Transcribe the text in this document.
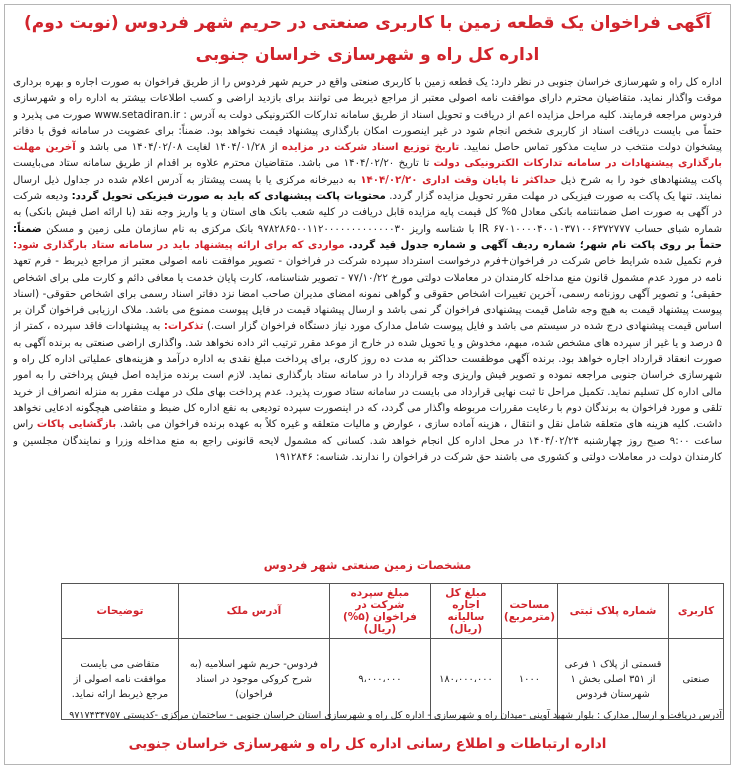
آگهی فراخوان یک قطعه زمین با کاربری صنعتی در حریم شهر فردوس (نوبت دوم)
اداره کل راه و شهرسازی خراسان جنوبی
اداره کل راه و شهرسازی خراسان جنوبی در نظر دارد: یک قطعه زمین با کاربری صنعتی واقع در حریم شهر فردوس را از طریق فراخوان به صورت اجاره و بهره برداری موقت واگذار نماید. متقاضیان محترم دارای موافقت نامه اصولی معتبر از مراجع ذیربط می توانند برای بازدید اراضی و کسب اطلاعات بیشتر به اداره راه و شهرسازی فردوس مراجعه فرمایند. کلیه مراحل مزایده اعم از دریافت و تحویل اسناد از طریق سامانه تدارکات الکترونیکی دولت به آدرس : www.setadiran.ir صورت می پذیرد و حتماً می بایست دریافت اسناد از کاربری شخص انجام شود در غیر اینصورت امکان بارگذاری پیشنهاد قیمت نخواهد بود. ضمناً: برای عضویت در سامانه فوق با دفاتر پیشخوان دولت منتخب در سایت مذکور تماس حاصل نمایید. تاریخ توزیع اسناد شرکت در مزایده از ۱۴۰۴/۰۱/۲۸ لغایت ۱۴۰۴/۰۲/۰۸ می باشد و آخرین مهلت بارگذاری پیشنهادات در سامانه تدارکات الکترونیکی دولت تا تاریخ ۱۴۰۴/۰۲/۲۰ می باشد. متقاضیان محترم علاوه بر اقدام از طریق سامانه ستاد می‌بایست پاکت پیشنهادهای خود را به شرح ذیل حداکثر تا پایان وقت اداری ۱۴۰۴/۰۲/۲۰ به دبیرخانه مرکزی یا با پست پیشتاز به آدرس اعلام شده در جداول ذیل ارسال نمایند. تنها یک پاکت به صورت فیزیکی در مهلت مقرر تحویل مزایده گزار گردد. محتویات پاکت پیشنهادی که باید به صورت فیزیکی تحویل گردد: ودیعه شرکت در آگهی به صورت اصل ضمانتنامه بانکی معادل ۵% کل قیمت پایه مزایده قابل دریافت در کلیه شعب بانک های استان و یا واریز وجه نقد (با ارائه اصل فیش بانکی) به شماره شبای حساب IR ۶۷۰۱۰۰۰۰۴۰۰۱۰۳۷۱۰۰۶۳۷۲۷۷۷ با شناسه واریز ۹۷۸۲۸۶۵۰۰۱۱۲۰۰۰۰۰۰۰۰۰۰۰۰۰۳۰ بانک مرکزی به نام سازمان ملی زمین و مسکن ضمناً: حتماً بر روی پاکت نام شهر؛ شماره ردیف آگهی و شماره جدول قید گردد. مواردی که برای ارائه پیشنهاد باید در سامانه ستاد بارگذاری شود: فرم تکمیل شده شرایط خاص شرکت در فراخوان+فرم درخواست استرداد سپرده شرکت در فراخوان - تصویر موافقت نامه اصولی معتبر از مراجع ذیربط - فرم تعهد نامه در مورد عدم مشمول قانون منع مداخله کارمندان در معاملات دولتی مورخ ۷۷/۱۰/۲۲ - تصویر شناسنامه، کارت پایان خدمت یا معافی دائم و کارت ملی برای اشخاص حقیقی؛ و تصویر آگهی روزنامه رسمی، آخرین تغییرات اشخاص حقوقی و گواهی نمونه امضای مدیران صاحب امضا نزد دفاتر اسناد رسمی برای اشخاص حقوقی- (اسناد پیوست پیشنهاد قیمت به هیچ وجه شامل قیمت پیشنهادی فراخوان گر نمی باشد و ارسال پیشنهاد قیمت در فایل پیوست ممنوع می باشد. ملاک ارزیابی فراخوان گران بر اساس قیمت پیشنهادی درج شده در سیستم می باشد و فایل پیوست شامل مدارک مورد نیاز دستگاه فراخوان گزار است.) تذکرات: به پیشنهادات فاقد سپرده ، کمتر از ۵ درصد و یا غیر از سپرده های مشخص شده، مبهم، مخدوش و یا تحویل شده در خارج از موعد مقرر ترتیب اثر داده نخواهد شد. واگذاری اراضی صنعتی به برنده آگهی به صورت انعقاد قرارداد اجاره خواهد بود. برنده آگهی موظفست حداکثر به مدت ده روز کاری، برای پرداخت مبلغ نقدی به اداره درآمد و هزینه‌های عملیاتی اداره کل راه و شهرسازی خراسان جنوبی مراجعه نموده و تصویر فیش واریزی وجه قرارداد را در سامانه ستاد بارگذاری نماید. لازم است برنده مزایده اصل فیش پرداختی را به امور مالی اداره کل تسلیم نماید. تکمیل مراحل تا ثبت نهایی قرارداد می بایست در سامانه ستاد صورت پذیرد. عدم پرداخت بهای ملک در مهلت مقرر به منزله انصراف از خرید تلقی و مورد فراخوان به برندگان دوم با رعایت مقررات مربوطه واگذار می گردد، که در اینصورت سپرده تودیعی به نفع اداره کل ضبط و متقاضی هیچگونه ادعایی نخواهد داشت. کلیه هزینه های متعلقه شامل نقل و انتقال ، هزینه آماده سازی ، عوارض و مالیات متعلقه و غیره کلاً به عهده برنده فراخوان می باشد. بازگشایی پاکات راس ساعت ۹:۰۰ صبح روز چهارشنبه ۱۴۰۴/۰۲/۲۴ در محل اداره کل انجام خواهد شد. کسانی که مشمول لایحه قانونی راجع به منع مداخله وزرا و نمایندگان مجلسین و کارمندان دولت در معاملات دولتی و کشوری می باشند حق شرکت در فراخوان را ندارند. شناسه: ۱۹۱۲۸۴۶
مشخصات زمین صنعتی شهر فردوس
کاربری	شماره پلاک ثبتی	مساحت (مترمربع)	مبلغ کل اجاره سالیانه (ریال)	مبلغ سپرده شرکت در فراخوان (۵%) (ریال)	آدرس ملک	توضیحات
صنعتی	قسمتی از پلاک ۱ فرعی از ۳۵۱ اصلی بخش ۱ شهرستان فردوس	۱۰۰۰	۱۸۰،۰۰۰،۰۰۰	۹،۰۰۰،۰۰۰	فردوس- حریم شهر اسلامیه (به شرح کروکی موجود در اسناد فراخوان)	متقاضی می بایست موافقت نامه اصولی از مرجع ذیربط ارائه نماید.
آدرس دریافت و ارسال مدارک : بلوار شهید آوینی -میدان راه و شهرسازی - اداره کل راه و شهرسازی استان خراسان جنوبی - ساختمان مرکزی -کدپستی ۹۷۱۷۴۳۴۷۵۷
اداره ارتباطات و اطلاع رسانی اداره کل راه و شهرسازی خراسان جنوبی
